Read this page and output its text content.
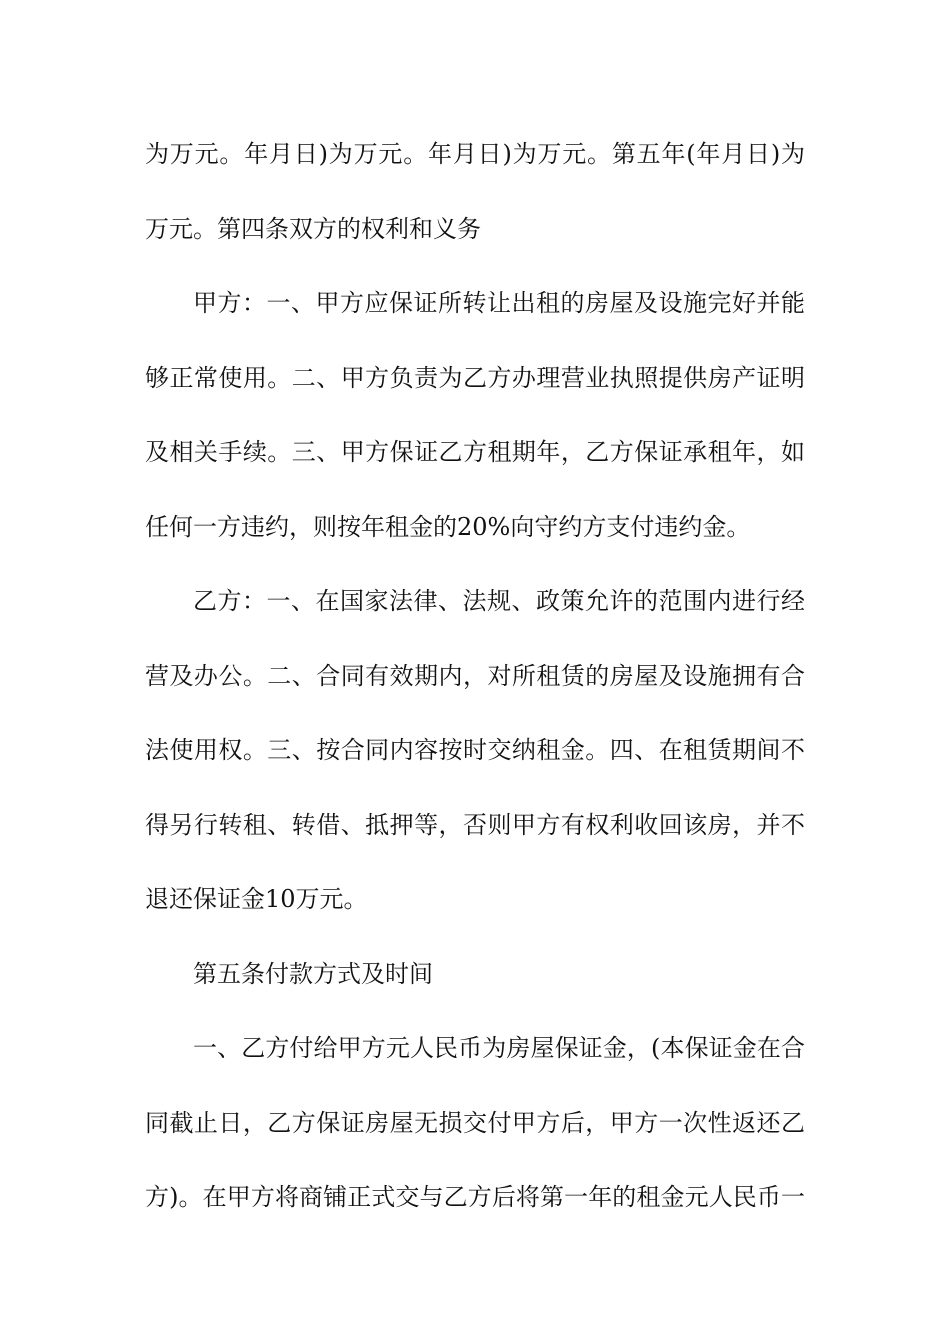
为万元。年月日)为万元。年月日)为万元。第五年(年月日)为
万元。第四条双方的权利和义务
甲方：一、甲方应保证所转让出租的房屋及设施完好并能
够正常使用。二、甲方负责为乙方办理营业执照提供房产证明
及相关手续。三、甲方保证乙方租期年，乙方保证承租年，如
任何一方违约，则按年租金的20%向守约方支付违约金。
乙方：一、在国家法律、法规、政策允许的范围内进行经
营及办公。二、合同有效期内，对所租赁的房屋及设施拥有合
法使用权。三、按合同内容按时交纳租金。四、在租赁期间不
得另行转租、转借、抵押等，否则甲方有权利收回该房，并不
退还保证金10万元。
第五条付款方式及时间
一、乙方付给甲方元人民币为房屋保证金，(本保证金在合
同截止日，乙方保证房屋无损交付甲方后，甲方一次性返还乙
方)。在甲方将商铺正式交与乙方后将第一年的租金元人民币一
